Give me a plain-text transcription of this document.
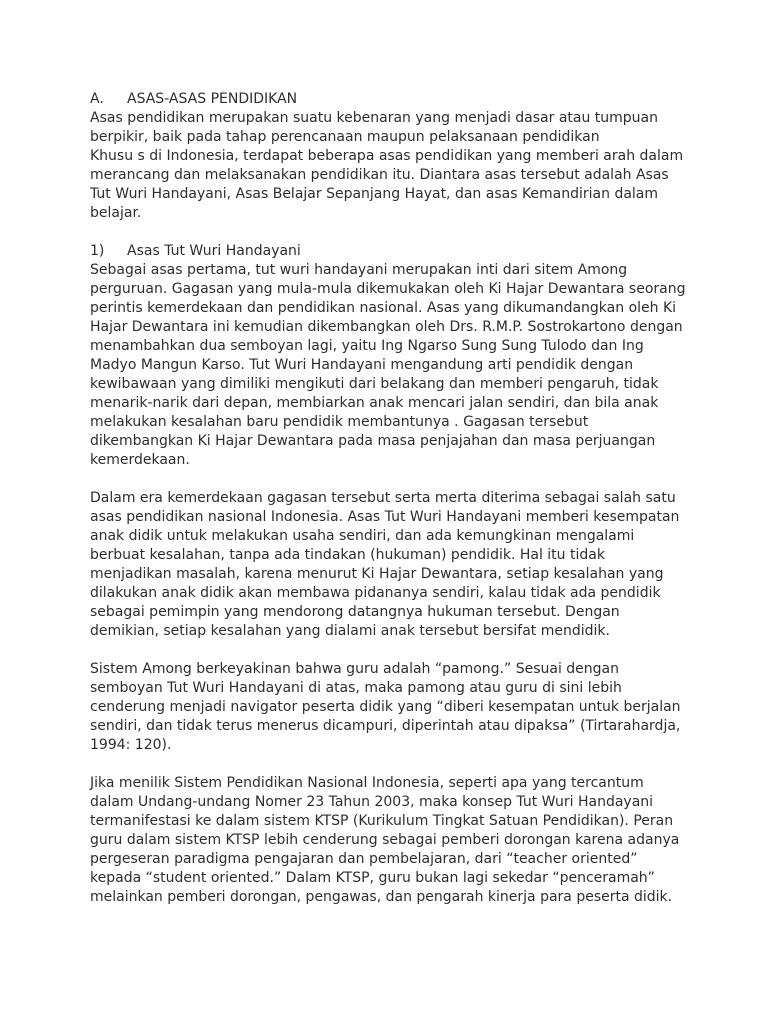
A.	ASAS-ASAS PENDIDIKAN
Asas pendidikan merupakan suatu kebenaran yang menjadi dasar atau tumpuan
berpikir, baik pada tahap perencanaan maupun pelaksanaan pendidikan
Khusu s di Indonesia, terdapat beberapa asas pendidikan yang memberi arah dalam
merancang dan melaksanakan pendidikan itu. Diantara asas tersebut adalah Asas
Tut Wuri Handayani, Asas Belajar Sepanjang Hayat, dan asas Kemandirian dalam
belajar.
1)	Asas Tut Wuri Handayani
Sebagai asas pertama, tut wuri handayani merupakan inti dari sitem Among
perguruan. Gagasan yang mula-mula dikemukakan oleh Ki Hajar Dewantara seorang
perintis kemerdekaan dan pendidikan nasional. Asas yang dikumandangkan oleh Ki
Hajar Dewantara ini kemudian dikembangkan oleh Drs. R.M.P. Sostrokartono dengan
menambahkan dua semboyan lagi, yaitu Ing Ngarso Sung Sung Tulodo dan Ing
Madyo Mangun Karso. Tut Wuri Handayani mengandung arti pendidik dengan
kewibawaan yang dimiliki mengikuti dari belakang dan memberi pengaruh, tidak
menarik-narik dari depan, membiarkan anak mencari jalan sendiri, dan bila anak
melakukan kesalahan baru pendidik membantunya . Gagasan tersebut
dikembangkan Ki Hajar Dewantara pada masa penjajahan dan masa perjuangan
kemerdekaan.
Dalam era kemerdekaan gagasan tersebut serta merta diterima sebagai salah satu
asas pendidikan nasional Indonesia. Asas Tut Wuri Handayani memberi kesempatan
anak didik untuk melakukan usaha sendiri, dan ada kemungkinan mengalami
berbuat kesalahan, tanpa ada tindakan (hukuman) pendidik. Hal itu tidak
menjadikan masalah, karena menurut Ki Hajar Dewantara, setiap kesalahan yang
dilakukan anak didik akan membawa pidananya sendiri, kalau tidak ada pendidik
sebagai pemimpin yang mendorong datangnya hukuman tersebut. Dengan
demikian, setiap kesalahan yang dialami anak tersebut bersifat mendidik.
Sistem Among berkeyakinan bahwa guru adalah “pamong.” Sesuai dengan
semboyan Tut Wuri Handayani di atas, maka pamong atau guru di sini lebih
cenderung menjadi navigator peserta didik yang “diberi kesempatan untuk berjalan
sendiri, dan tidak terus menerus dicampuri, diperintah atau dipaksa” (Tirtarahardja,
1994: 120).
Jika menilik Sistem Pendidikan Nasional Indonesia, seperti apa yang tercantum
dalam Undang-undang Nomer 23 Tahun 2003, maka konsep Tut Wuri Handayani
termanifestasi ke dalam sistem KTSP (Kurikulum Tingkat Satuan Pendidikan). Peran
guru dalam sistem KTSP lebih cenderung sebagai pemberi dorongan karena adanya
pergeseran paradigma pengajaran dan pembelajaran, dari “teacher oriented”
kepada “student oriented.” Dalam KTSP, guru bukan lagi sekedar “penceramah”
melainkan pemberi dorongan, pengawas, dan pengarah kinerja para peserta didik.
